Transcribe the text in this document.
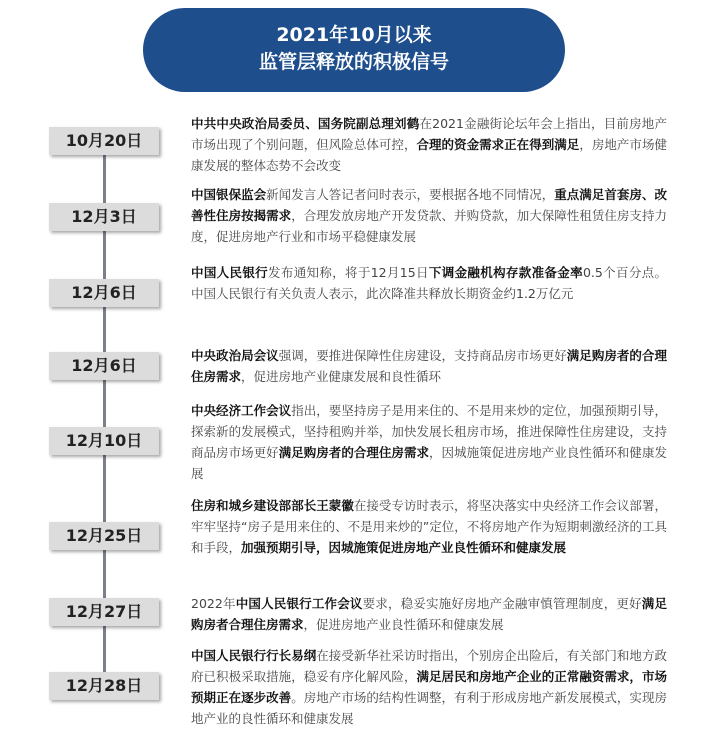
2021年10月以来
监管层释放的积极信号
10月20日
中共中央政治局委员、国务院副总理刘鹤在2021金融街论坛年会上指出，目前房地产市场出现了个别问题，但风险总体可控，合理的资金需求正在得到满足，房地产市场健康发展的整体态势不会改变
12月3日
中国银保监会新闻发言人答记者问时表示，要根据各地不同情况，重点满足首套房、改善性住房按揭需求，合理发放房地产开发贷款、并购贷款，加大保障性租赁住房支持力度，促进房地产行业和市场平稳健康发展
12月6日
中国人民银行发布通知称，将于12月15日下调金融机构存款准备金率0.5个百分点。中国人民银行有关负责人表示，此次降准共释放长期资金约1.2万亿元
12月6日
中央政治局会议强调，要推进保障性住房建设，支持商品房市场更好满足购房者的合理住房需求，促进房地产业健康发展和良性循环
12月10日
中央经济工作会议指出，要坚持房子是用来住的、不是用来炒的定位，加强预期引导，探索新的发展模式，坚持租购并举，加快发展长租房市场，推进保障性住房建设，支持商品房市场更好满足购房者的合理住房需求，因城施策促进房地产业良性循环和健康发展
12月25日
住房和城乡建设部部长王蒙徽在接受专访时表示，将坚决落实中央经济工作会议部署，牢牢坚持“房子是用来住的、不是用来炒的”定位，不将房地产作为短期刺激经济的工具和手段，加强预期引导，因城施策促进房地产业良性循环和健康发展
12月27日	2022年中国人民银行工作会议要求，稳妥实施好房地产金融审慎管理制度，更好满足购房者合理住房需求，促进房地产业良性循环和健康发展
12月28日
中国人民银行行长易纲在接受新华社采访时指出，个别房企出险后，有关部门和地方政府已积极采取措施，稳妥有序化解风险，满足居民和房地产企业的正常融资需求，市场预期正在逐步改善。房地产市场的结构性调整，有利于形成房地产新发展模式，实现房地产业的良性循环和健康发展
